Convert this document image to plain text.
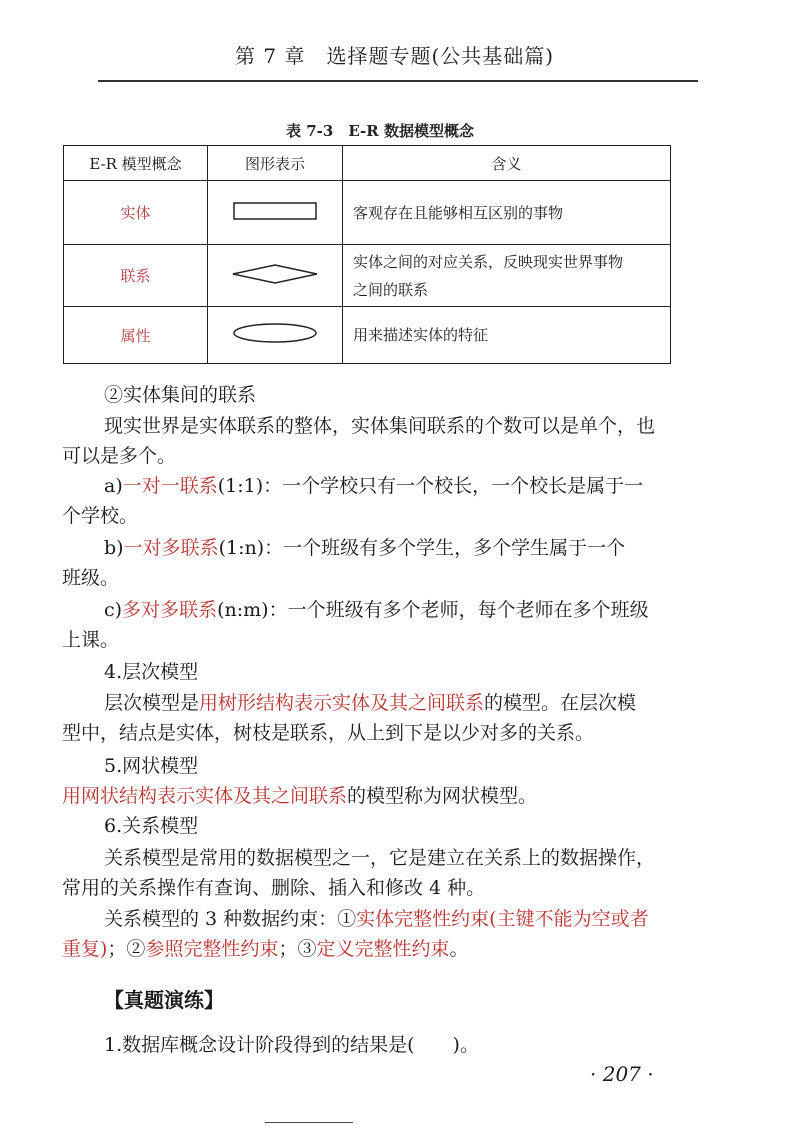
第 7 章　选择题专题(公共基础篇)
表 7-3　E-R 数据模型概念
E-R 模型概念	图形表示	含义
实体		客观存在且能够相互区别的事物
联系		实体之间的对应关系，反映现实世界事物
之间的联系

属性		用来描述实体的特征
②实体集间的联系
现实世界是实体联系的整体，实体集间联系的个数可以是单个，也
可以是多个。
a)一对一联系(1:1)：一个学校只有一个校长，一个校长是属于一
个学校。
b)一对多联系(1:n)：一个班级有多个学生，多个学生属于一个
班级。
c)多对多联系(n:m)：一个班级有多个老师，每个老师在多个班级
上课。
4.层次模型
层次模型是用树形结构表示实体及其之间联系的模型。在层次模
型中，结点是实体，树枝是联系，从上到下是以少对多的关系。
5.网状模型
用网状结构表示实体及其之间联系的模型称为网状模型。
6.关系模型
关系模型是常用的数据模型之一，它是建立在关系上的数据操作，
常用的关系操作有查询、删除、插入和修改 4 种。
关系模型的 3 种数据约束：①实体完整性约束(主键不能为空或者
重复)；②参照完整性约束；③定义完整性约束。
【真题演练】
1.数据库概念设计阶段得到的结果是(　　)。
· 207 ·
